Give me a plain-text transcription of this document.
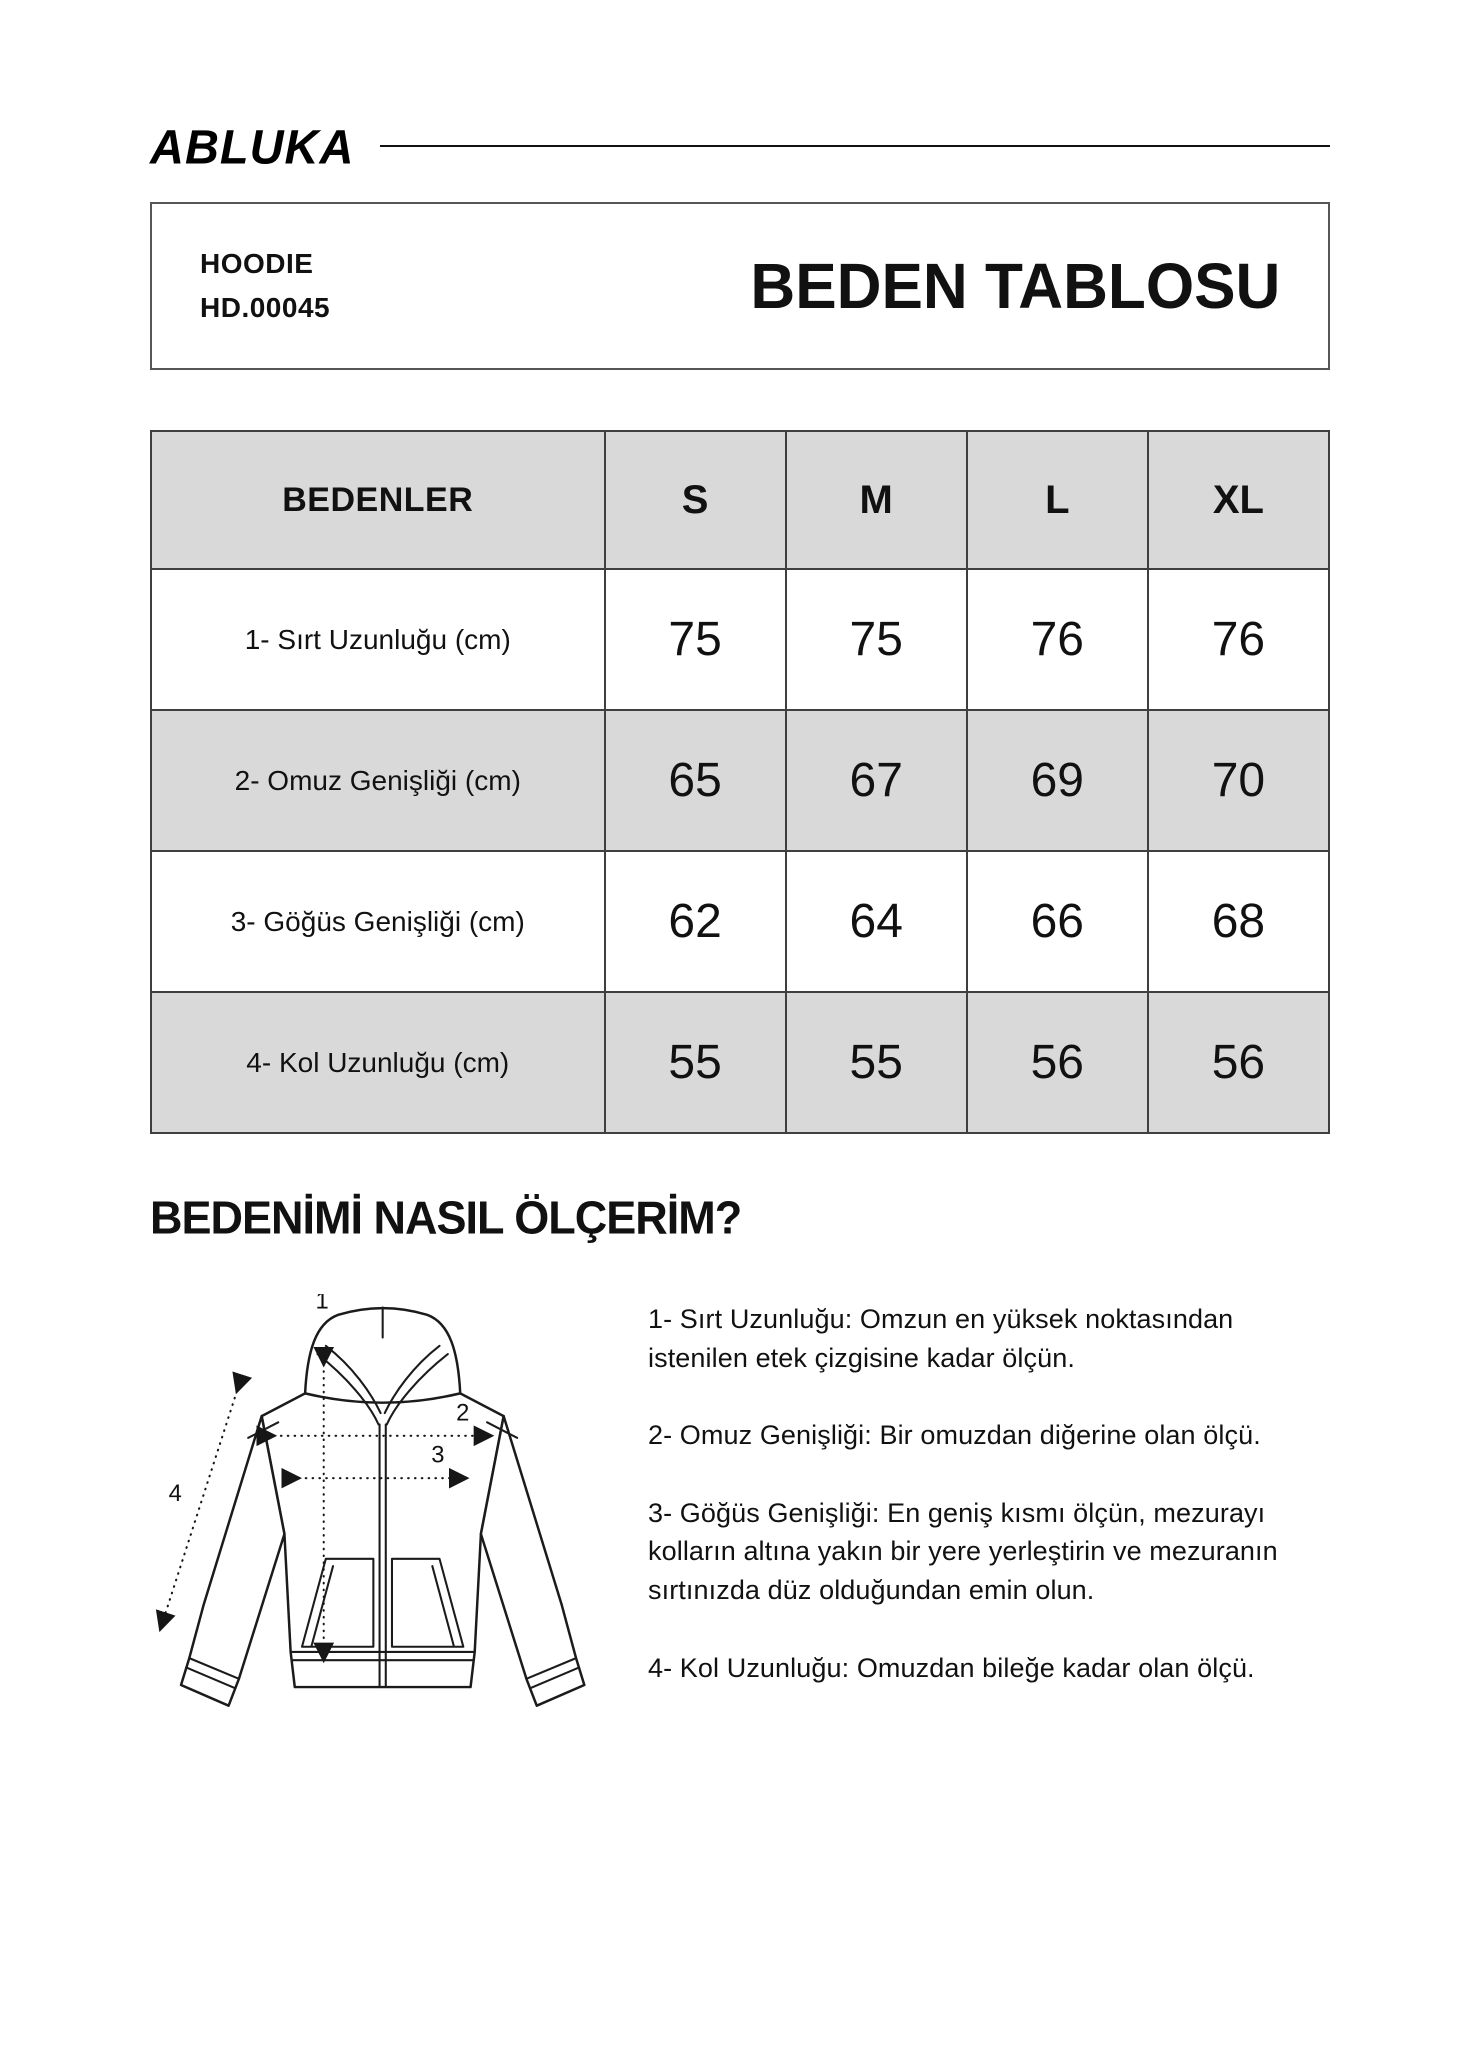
ABLUKA
HOODIE
HD.00045	BEDEN TABLOSU
BEDENLER	S	M	L	XL
1- Sırt Uzunluğu (cm)	75	75	76	76
2- Omuz Genişliği (cm)	65	67	69	70
3- Göğüs Genişliği (cm)	62	64	66	68
4- Kol Uzunluğu (cm)	55	55	56	56
BEDENİMİ NASIL ÖLÇERİM?
1
2
3
4

1- Sırt Uzunluğu: Omzun en yüksek noktasından istenilen etek çizgisine kadar ölçün.

2- Omuz Genişliği: Bir omuzdan diğerine olan ölçü.

3- Göğüs Genişliği: En geniş kısmı ölçün, mezurayı kolların altına yakın bir yere yerleştirin ve mezuranın sırtınızda düz olduğundan emin olun.

4- Kol Uzunluğu: Omuzdan bileğe kadar olan ölçü.
